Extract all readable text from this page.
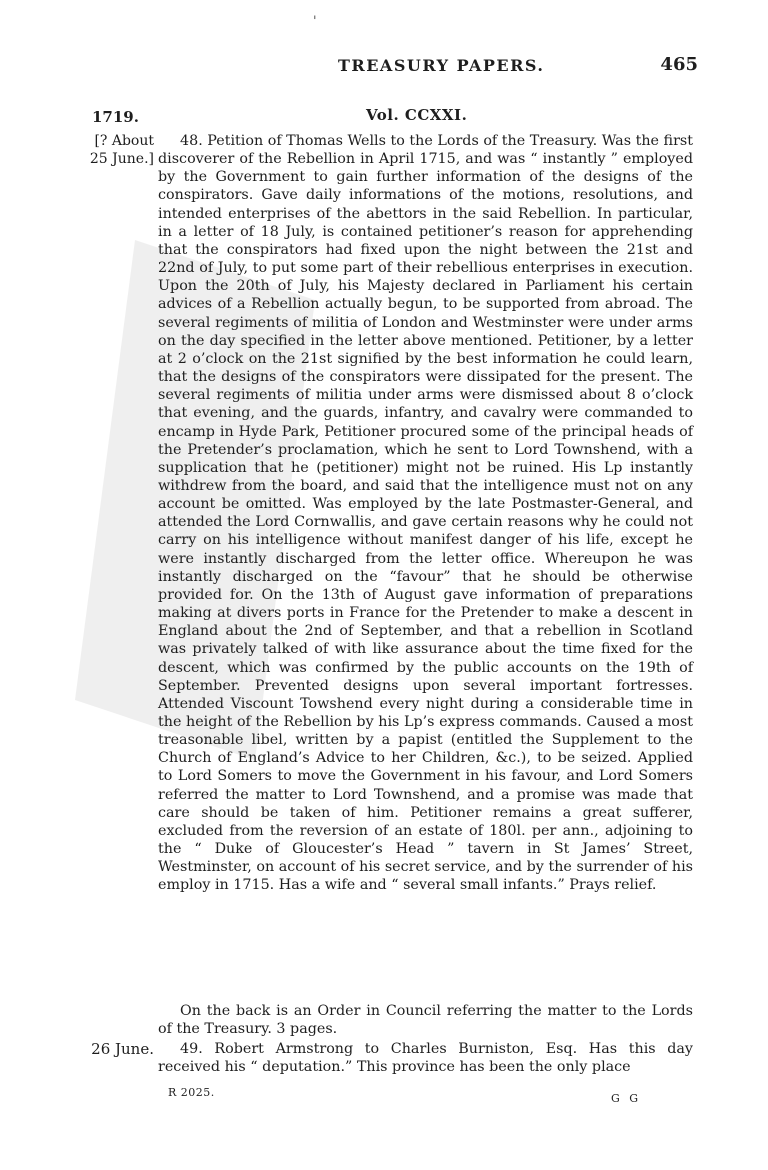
'
TREASURY PAPERS.	465
1719.	Vol. CCXXI.
[? About 25 June.]
48. Petition of Thomas Wells to the Lords of the Treasury. Was the first discoverer of the Rebellion in April 1715, and was “ instantly ” employed by the Government to gain further information of the designs of the conspirators. Gave daily informations of the motions, resolutions, and intended enterprises of the abettors in the said Rebellion. In particular, in a letter of 18 July, is contained petitioner’s reason for apprehending that the conspirators had fixed upon the night between the 21st and 22nd of July, to put some part of their rebellious enterprises in execution. Upon the 20th of July, his Majesty declared in Parliament his certain advices of a Rebellion actually begun, to be supported from abroad. The several regiments of militia of London and Westminster were under arms on the day specified in the letter above mentioned. Petitioner, by a letter at 2 o’clock on the 21st signified by the best information he could learn, that the designs of the conspirators were dissipated for the present. The several regiments of militia under arms were dismissed about 8 o’clock that evening, and the guards, infantry, and cavalry were commanded to encamp in Hyde Park, Petitioner procured some of the principal heads of the Pretender’s proclamation, which he sent to Lord Townshend, with a supplication that he (petitioner) might not be ruined. His Lp instantly withdrew from the board, and said that the intelligence must not on any account be omitted. Was employed by the late Postmaster-General, and attended the Lord Cornwallis, and gave certain reasons why he could not carry on his intelligence without manifest danger of his life, except he were instantly discharged from the letter office. Whereupon he was instantly discharged on the “favour” that he should be otherwise provided for. On the 13th of August gave information of preparations making at divers ports in France for the Pretender to make a descent in England about the 2nd of September, and that a rebellion in Scotland was privately talked of with like assurance about the time fixed for the descent, which was confirmed by the public accounts on the 19th of September. Prevented designs upon several important fortresses. Attended Viscount Towshend every night during a considerable time in the height of the Rebellion by his Lp’s express commands. Caused a most treasonable libel, written by a papist (entitled the Supplement to the Church of England’s Advice to her Children, &c.), to be seized. Applied to Lord Somers to move the Government in his favour, and Lord Somers referred the matter to Lord Townshend, and a promise was made that care should be taken of him. Petitioner remains a great sufferer, excluded from the reversion of an estate of 180l. per ann., adjoining to the “ Duke of Gloucester’s Head ” tavern in St James’ Street, Westminster, on account of his secret service, and by the surrender of his employ in 1715. Has a wife and “ several small infants.” Prays relief.
On the back is an Order in Council referring the matter to the Lords of the Treasury. 3 pages.
26 June.	49. Robert Armstrong to Charles Burniston, Esq. Has this day received his “ deputation.” This province has been the only place
R 2025.	G G
